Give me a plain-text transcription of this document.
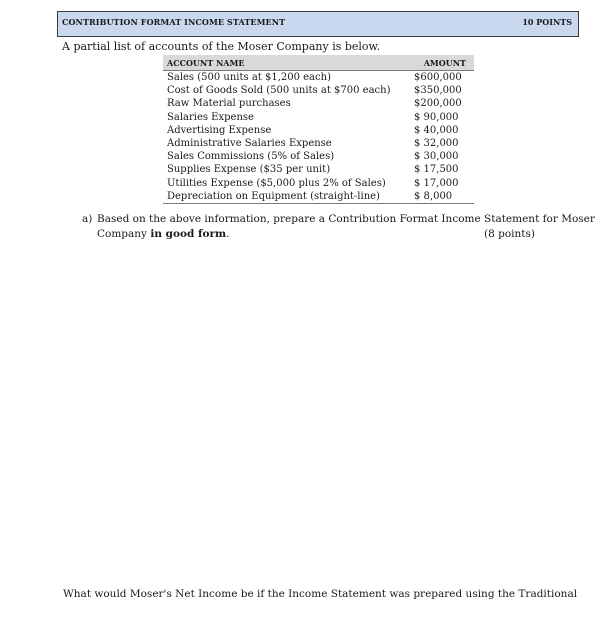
CONTRIBUTION FORMAT INCOME STATEMENT	10 POINTS
A partial list of accounts of the Moser Company is below.
ACCOUNT NAME	AMOUNT
Sales (500 units at $1,200 each)	$600,000
Cost of Goods Sold (500 units at $700 each)	$350,000
Raw Material purchases	$200,000
Salaries Expense	$ 90,000
Advertising Expense	$ 40,000
Administrative Salaries Expense	$ 32,000
Sales Commissions (5% of Sales)	$ 30,000
Supplies Expense ($35 per unit)	$ 17,500
Utilities Expense ($5,000 plus 2% of Sales)	$ 17,000
Depreciation on Equipment (straight-line)	$ 8,000
a) Based on the above information, prepare a Contribution Format Income Statement for Moser
Company in good form.	(8 points)
What would Moser's Net Income be if the Income Statement was prepared using the Traditional
